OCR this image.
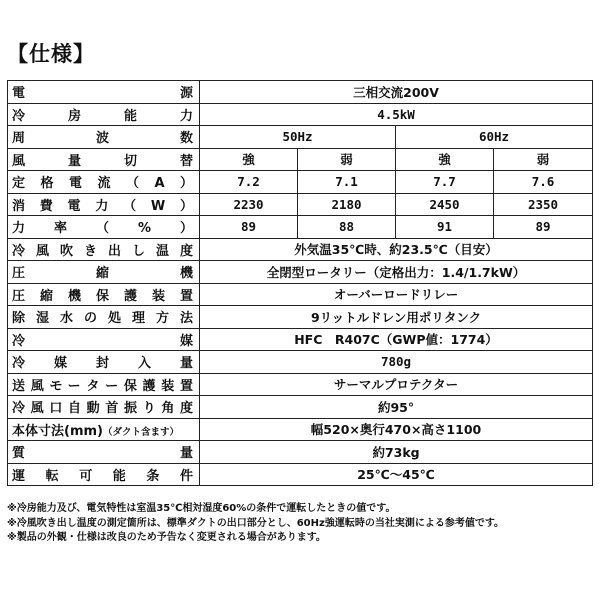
【仕様】
電源	三相交流200V			
冷房能力	4.5kW			
周波数	50Hz		60Hz	
風量切替	強	弱	強	弱
定格電流（A）	7.2	7.1	7.7	7.6
消費電力（W）	2230	2180	2450	2350
力率（%）	89	88	91	89
冷風吹き出し温度	外気温35℃時、約23.5℃（目安）			
圧縮機	全閉型ロータリー（定格出力：1.4/1.7kW）			
圧縮機保護装置	オーバーロードリレー			
除湿水の処理方法	9リットルドレン用ポリタンク			
冷媒	HFC　R407C（GWP値：1774）			
冷媒封入量	780g			
送風モーター保護装置	サーマルプロテクター			
冷風口自動首振り角度	約95°			
本体寸法(mm)（ダクト含ます）	幅520×奥行470×高さ1100			
質量	約73kg			
運転可能条件	25℃〜45℃			
※冷房能力及び、電気特性は室温35℃相対湿度60%の条件で運転したときの値です。
※冷風吹き出し温度の測定箇所は、標準ダクトの出口部分とし、60Hz強運転時の当社実測による参考値です。
※製品の外観・仕様は改良のため予告なく変更される場合があります。
